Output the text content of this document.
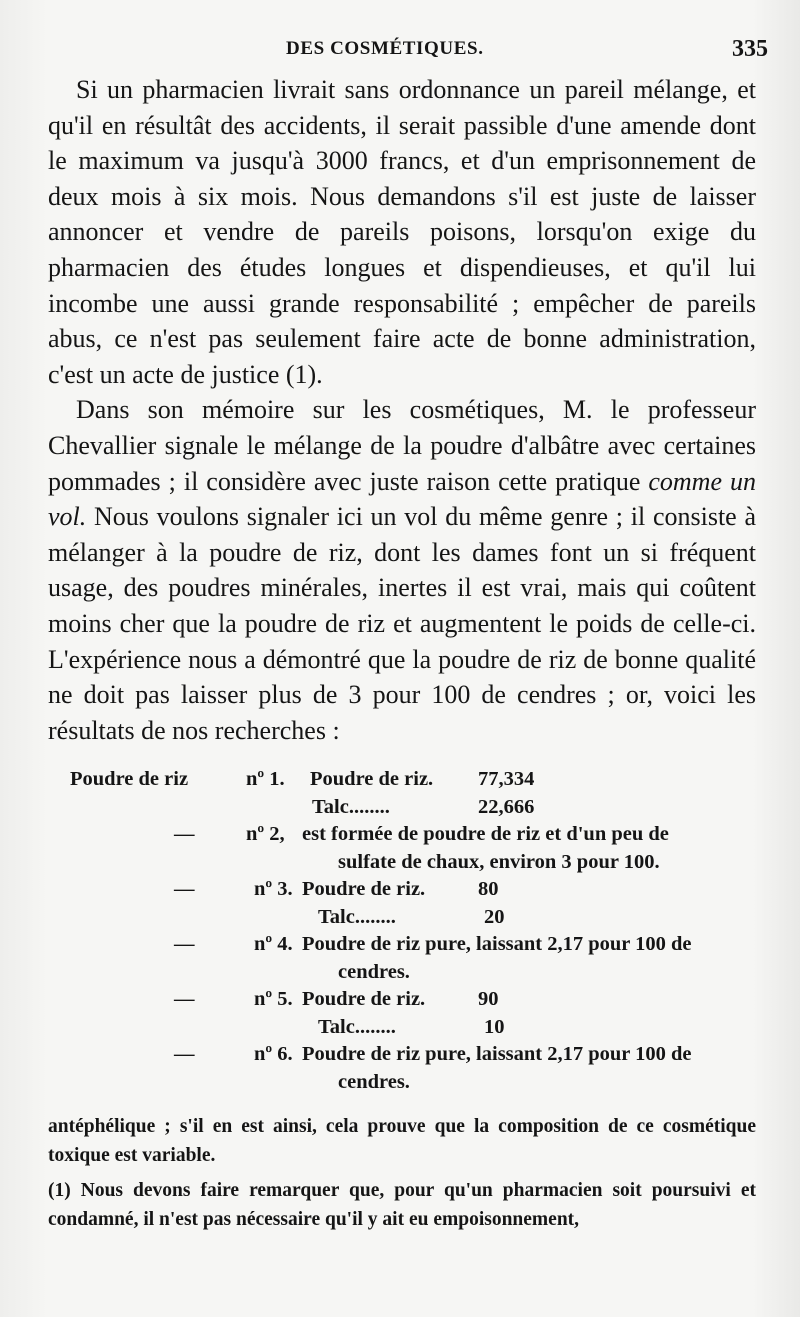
DES COSMÉTIQUES.	335

Si un pharmacien livrait sans ordonnance un pareil mélange, et qu'il en résultât des accidents, il serait passible d'une amende dont le maximum va jusqu'à 3000 francs, et d'un emprisonnement de deux mois à six mois. Nous demandons s'il est juste de laisser annoncer et vendre de pareils poisons, lorsqu'on exige du pharmacien des études longues et dispendieuses, et qu'il lui incombe une aussi grande responsabilité ; empêcher de pareils abus, ce n'est pas seulement faire acte de bonne administration, c'est un acte de justice (1).

Dans son mémoire sur les cosmétiques, M. le professeur Chevallier signale le mélange de la poudre d'albâtre avec certaines pommades ; il considère avec juste raison cette pratique comme un vol. Nous voulons signaler ici un vol du même genre ; il consiste à mélanger à la poudre de riz, dont les dames font un si fréquent usage, des poudres minérales, inertes il est vrai, mais qui coûtent moins cher que la poudre de riz et augmentent le poids de celle-ci. L'expérience nous a démontré que la poudre de riz de bonne qualité ne doit pas laisser plus de 3 pour 100 de cendres ; or, voici les résultats de nos recherches :

Poudre de riz	nº 1. Poudre de riz. 77,334
Talc........	22,666
—	nº 2, est formée de poudre de riz et d'un peu de
sulfate de chaux, environ 3 pour 100.
—	nº 3. Poudre de riz.	80
Talc........	20
—	nº 4. Poudre de riz pure, laissant 2,17 pour 100 de
cendres.
—	nº 5. Poudre de riz.	90
Talc........	10
—	nº 6. Poudre de riz pure, laissant 2,17 pour 100 de
cendres.

antéphélique ; s'il en est ainsi, cela prouve que la composition de ce cosmétique toxique est variable.

(1) Nous devons faire remarquer que, pour qu'un pharmacien soit poursuivi et condamné, il n'est pas nécessaire qu'il y ait eu empoisonnement,
